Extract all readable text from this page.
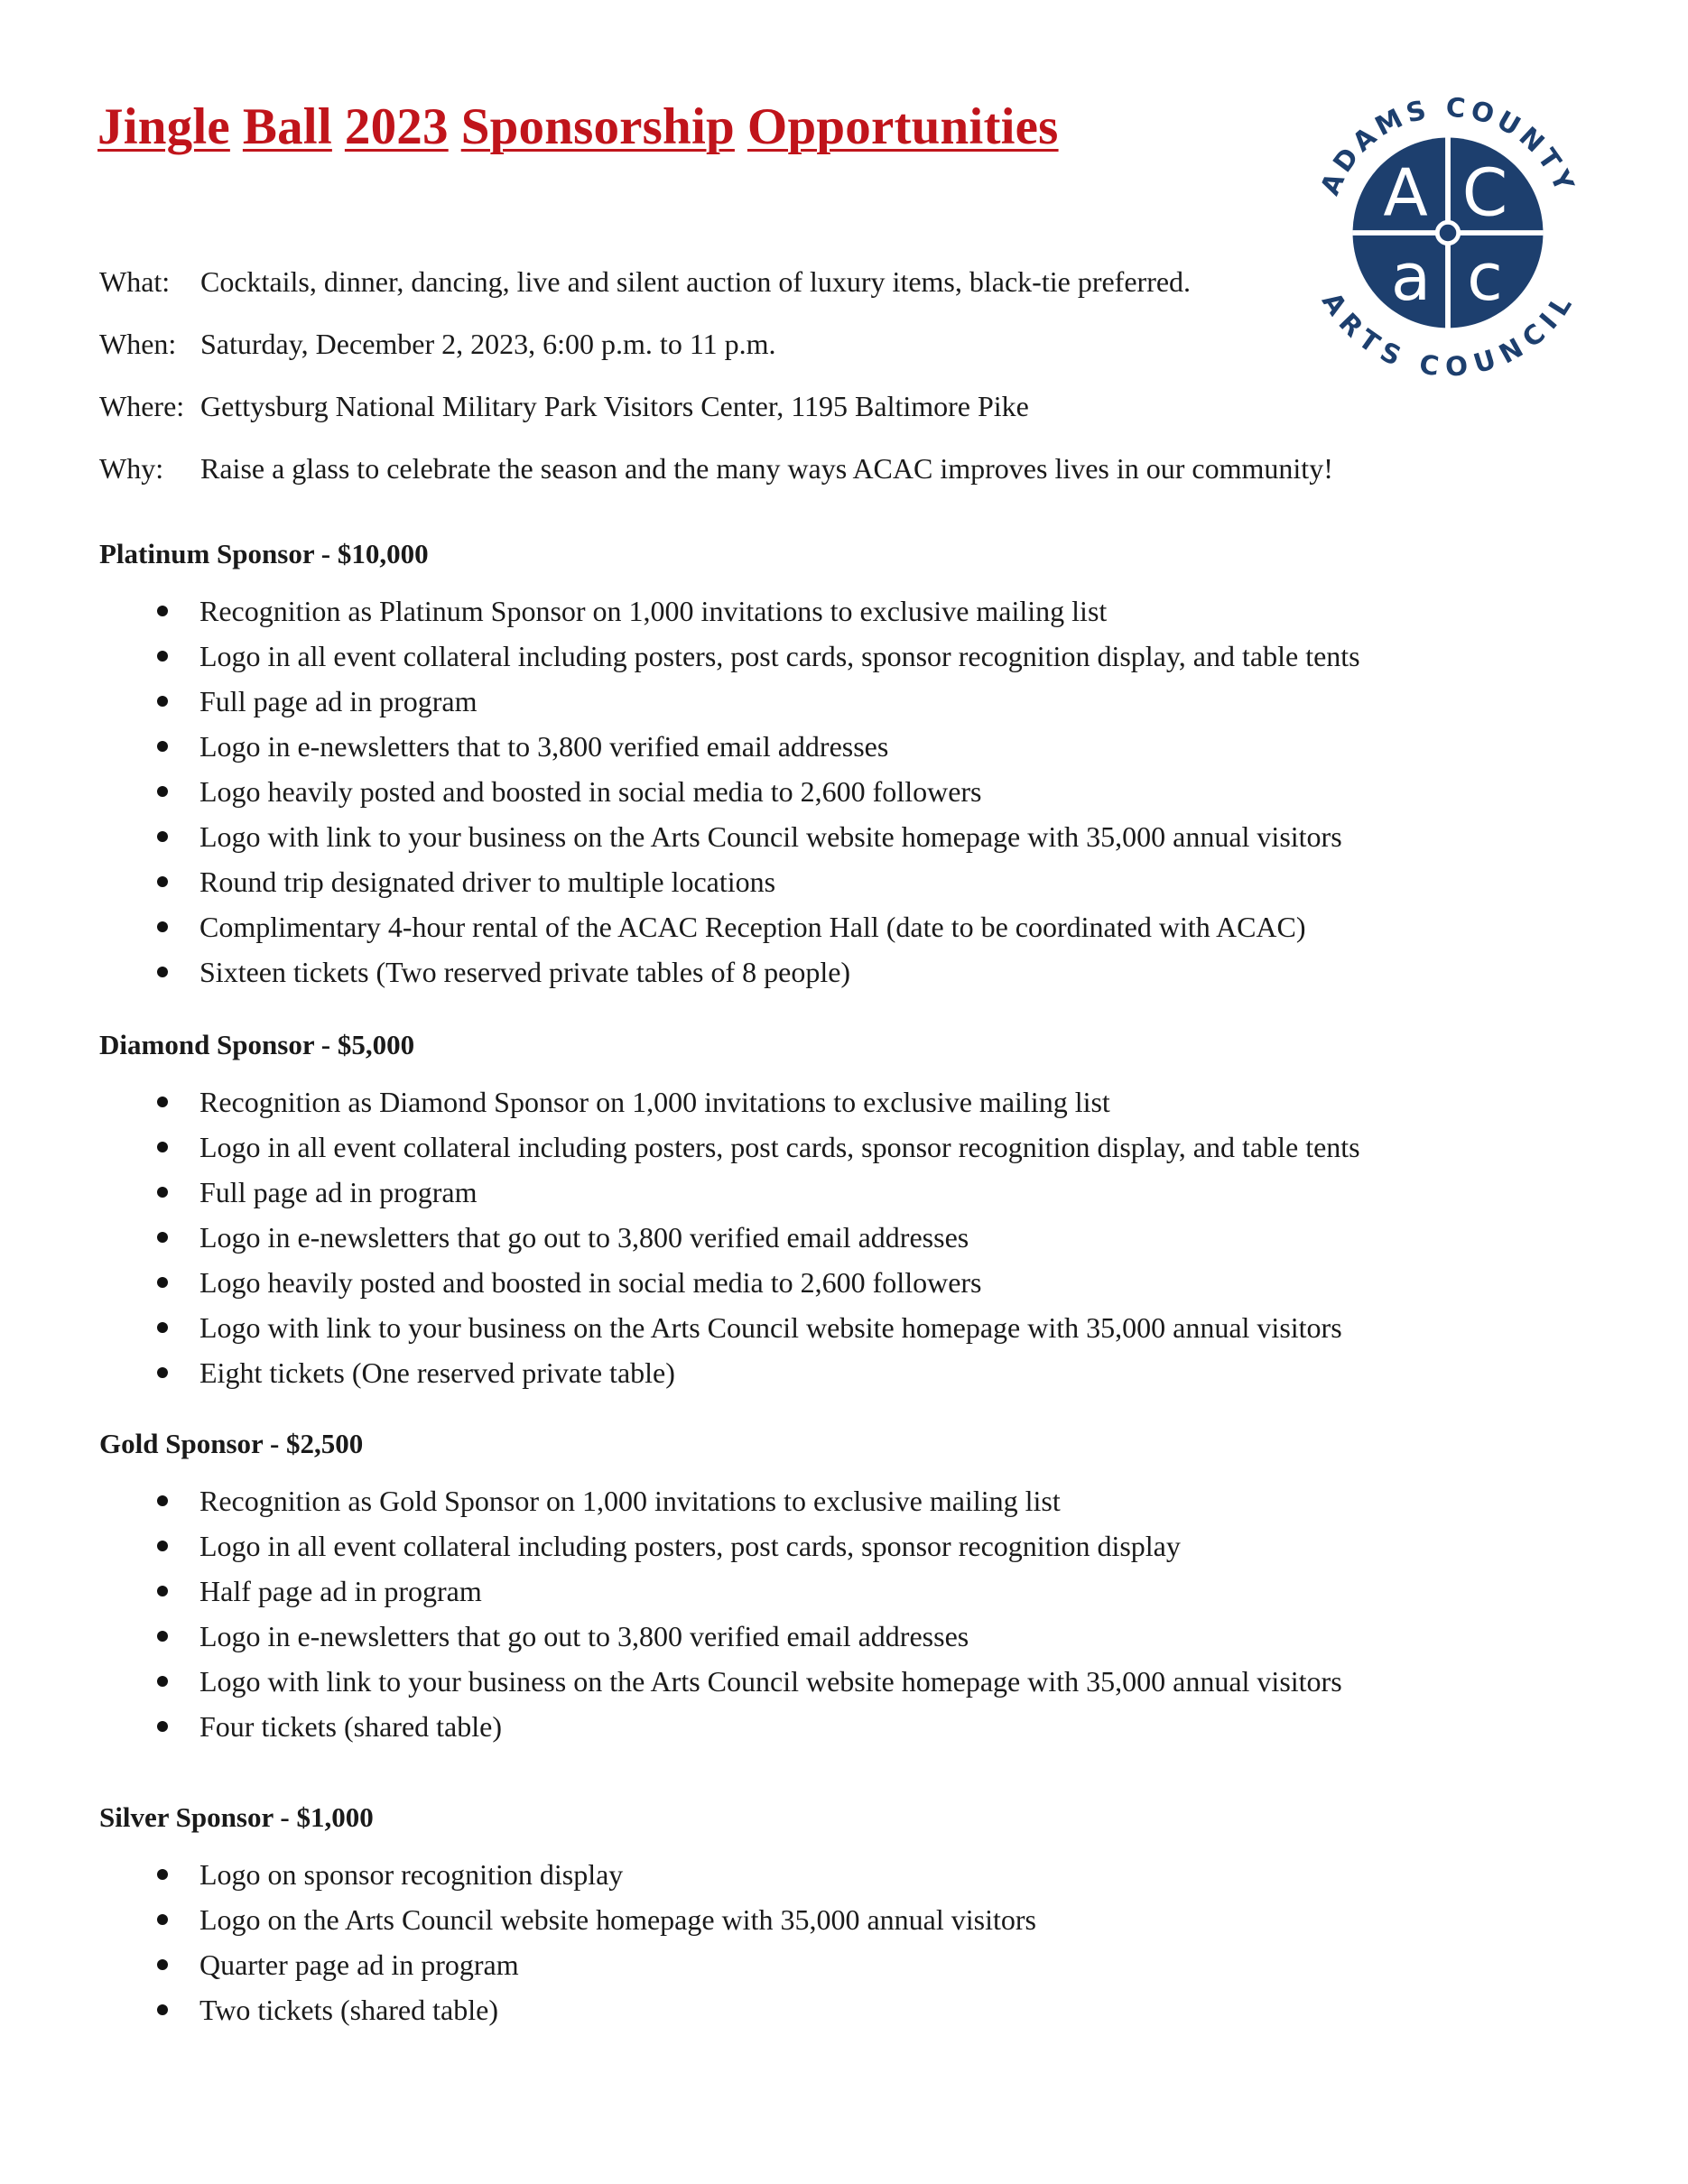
Jingle Ball 2023 Sponsorship Opportunities
ADAMS COUNTY
ARTS COUNCIL
A C
a c
What: Cocktails, dinner, dancing, live and silent auction of luxury items, black-tie preferred.
When: Saturday, December 2, 2023, 6:00 p.m. to 11 p.m.
Where: Gettysburg National Military Park Visitors Center, 1195 Baltimore Pike
Why: Raise a glass to celebrate the season and the many ways ACAC improves lives in our community!
Platinum Sponsor - $10,000
Recognition as Platinum Sponsor on 1,000 invitations to exclusive mailing list
Logo in all event collateral including posters, post cards, sponsor recognition display, and table tents
Full page ad in program
Logo in e-newsletters that to 3,800 verified email addresses
Logo heavily posted and boosted in social media to 2,600 followers
Logo with link to your business on the Arts Council website homepage with 35,000 annual visitors
Round trip designated driver to multiple locations
Complimentary 4-hour rental of the ACAC Reception Hall (date to be coordinated with ACAC)
Sixteen tickets (Two reserved private tables of 8 people)
Diamond Sponsor - $5,000
Recognition as Diamond Sponsor on 1,000 invitations to exclusive mailing list
Logo in all event collateral including posters, post cards, sponsor recognition display, and table tents
Full page ad in program
Logo in e-newsletters that go out to 3,800 verified email addresses
Logo heavily posted and boosted in social media to 2,600 followers
Logo with link to your business on the Arts Council website homepage with 35,000 annual visitors
Eight tickets (One reserved private table)
Gold Sponsor - $2,500
Recognition as Gold Sponsor on 1,000 invitations to exclusive mailing list
Logo in all event collateral including posters, post cards, sponsor recognition display
Half page ad in program
Logo in e-newsletters that go out to 3,800 verified email addresses
Logo with link to your business on the Arts Council website homepage with 35,000 annual visitors
Four tickets (shared table)
Silver Sponsor - $1,000
Logo on sponsor recognition display
Logo on the Arts Council website homepage with 35,000 annual visitors
Quarter page ad in program
Two tickets (shared table)
